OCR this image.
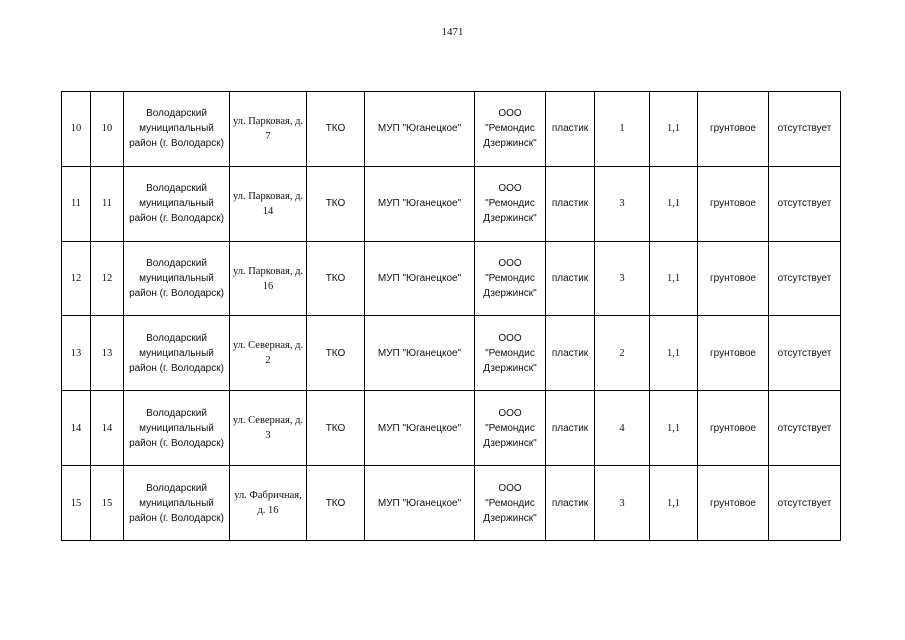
1471
10	10	Володарский муниципальный район (г. Володарск)	ул. Парковая, д. 7	ТКО	МУП "Юганецкое"	ООО "Ремондис Дзержинск"	пластик	1	1,1	грунтовое	отсутствует
11	11	Володарский муниципальный район (г. Володарск)	ул. Парковая, д. 14	ТКО	МУП "Юганецкое"	ООО "Ремондис Дзержинск"	пластик	3	1,1	грунтовое	отсутствует
12	12	Володарский муниципальный район (г. Володарск)	ул. Парковая, д. 16	ТКО	МУП "Юганецкое"	ООО "Ремондис Дзержинск"	пластик	3	1,1	грунтовое	отсутствует
13	13	Володарский муниципальный район (г. Володарск)	ул. Северная, д. 2	ТКО	МУП "Юганецкое"	ООО "Ремондис Дзержинск"	пластик	2	1,1	грунтовое	отсутствует
14	14	Володарский муниципальный район (г. Володарск)	ул. Северная, д. 3	ТКО	МУП "Юганецкое"	ООО "Ремондис Дзержинск"	пластик	4	1,1	грунтовое	отсутствует
15	15	Володарский муниципальный район (г. Володарск)	ул. Фабричная, д. 16	ТКО	МУП "Юганецкое"	ООО "Ремондис Дзержинск"	пластик	3	1,1	грунтовое	отсутствует
